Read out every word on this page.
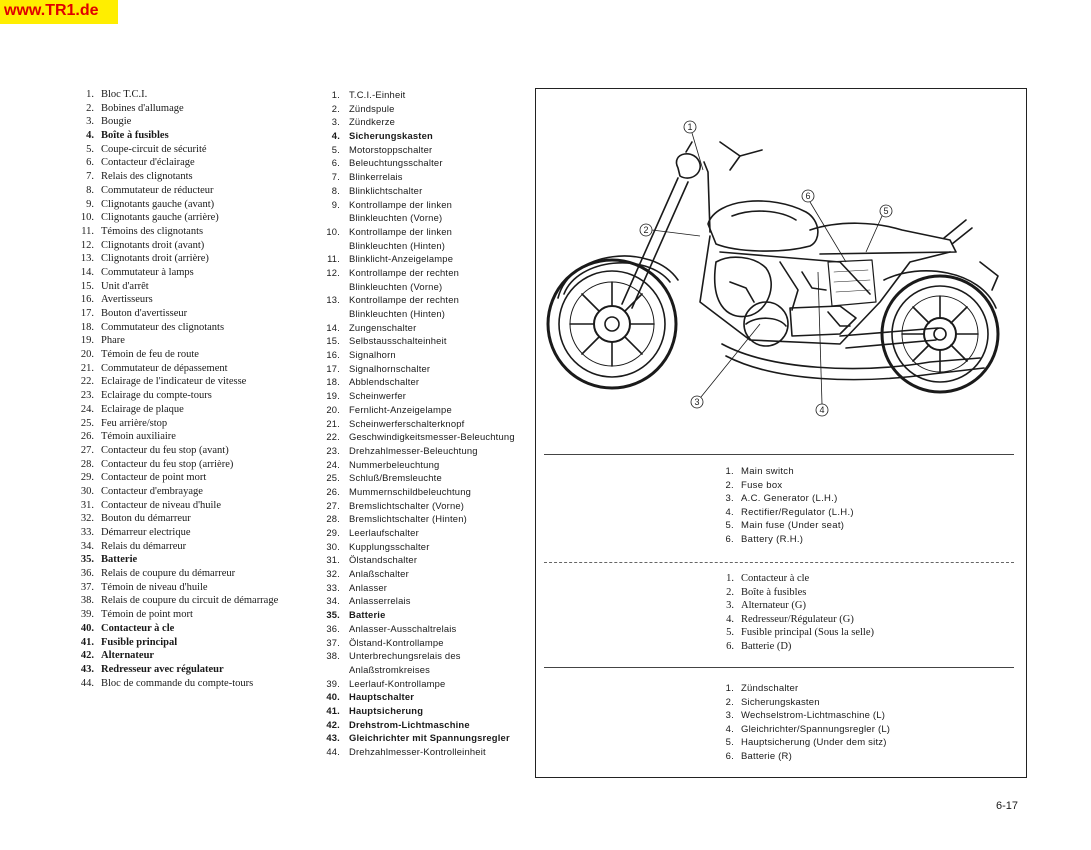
www.TR1.de
1. Bloc T.C.I.
2. Bobines d'allumage
3. Bougie
4. Boîte à fusibles
5. Coupe-circuit de sécurité
6. Contacteur d'éclairage
7. Relais des clignotants
8. Commutateur de réducteur
9. Clignotants gauche (avant)
10. Clignotants gauche (arrière)
11. Témoins des clignotants
12. Clignotants droit (avant)
13. Clignotants droit (arrière)
14. Commutateur à lamps
15. Unit d'arrêt
16. Avertisseurs
17. Bouton d'avertisseur
18. Commutateur des clignotants
19. Phare
20. Témoin de feu de route
21. Commutateur de dépassement
22. Eclairage de l'indicateur de vitesse
23. Eclairage du compte-tours
24. Eclairage de plaque
25. Feu arrière/stop
26. Témoin auxiliaire
27. Contacteur du feu stop (avant)
28. Contacteur du feu stop (arrière)
29. Contacteur de point mort
30. Contacteur d'embrayage
31. Contacteur de niveau d'huile
32. Bouton du démarreur
33. Démarreur electrique
34. Relais du démarreur
35. Batterie
36. Relais de coupure du démarreur
37. Témoin de niveau d'huile
38. Relais de coupure du circuit de démarrage
39. Témoin de point mort
40. Contacteur à cle
41. Fusible principal
42. Alternateur
43. Redresseur avec régulateur
44. Bloc de commande du compte-tours
1. T.C.I.-Einheit
2. Zündspule
3. Zündkerze
4. Sicherungskasten
5. Motorstoppschalter
6. Beleuchtungsschalter
7. Blinkerrelais
8. Blinklichtschalter
9. Kontrollampe der linken
Blinkleuchten (Vorne)
10. Kontrollampe der linken
Blinkleuchten (Hinten)
11. Blinklicht-Anzeigelampe
12. Kontrollampe der rechten
Blinkleuchten (Vorne)
13. Kontrollampe der rechten
Blinkleuchten (Hinten)
14. Zungenschalter
15. Selbstausschalteinheit
16. Signalhorn
17. Signalhornschalter
18. Abblendschalter
19. Scheinwerfer
20. Fernlicht-Anzeigelampe
21. Scheinwerferschalterknopf
22. Geschwindigkeitsmesser-Beleuchtung
23. Drehzahlmesser-Beleuchtung
24. Nummerbeleuchtung
25. Schluß/Bremsleuchte
26. Mummernschildbeleuchtung
27. Bremslichtschalter (Vorne)
28. Bremslichtschalter (Hinten)
29. Leerlaufschalter
30. Kupplungsschalter
31. Ölstandschalter
32. Anlaßschalter
33. Anlasser
34. Anlasserrelais
35. Batterie
36. Anlasser-Ausschaltrelais
37. Ölstand-Kontrollampe
38. Unterbrechungsrelais des
Anlaßstromkreises
39. Leerlauf-Kontrollampe
40. Hauptschalter
41. Hauptsicherung
42. Drehstrom-Lichtmaschine
43. Gleichrichter mit Spannungsregler
44. Drehzahlmesser-Kontrolleinheit
1
2
3
4
5
6
1. Main switch
2. Fuse box
3. A.C. Generator (L.H.)
4. Rectifier/Regulator (L.H.)
5. Main fuse (Under seat)
6. Battery (R.H.)
1. Contacteur à cle
2. Boîte à fusibles
3. Alternateur (G)
4. Redresseur/Régulateur (G)
5. Fusible principal (Sous la selle)
6. Batterie (D)
1. Zündschalter
2. Sicherungskasten
3. Wechselstrom-Lichtmaschine (L)
4. Gleichrichter/Spannungsregler (L)
5. Hauptsicherung (Under dem sitz)
6. Batterie (R)
6-17
